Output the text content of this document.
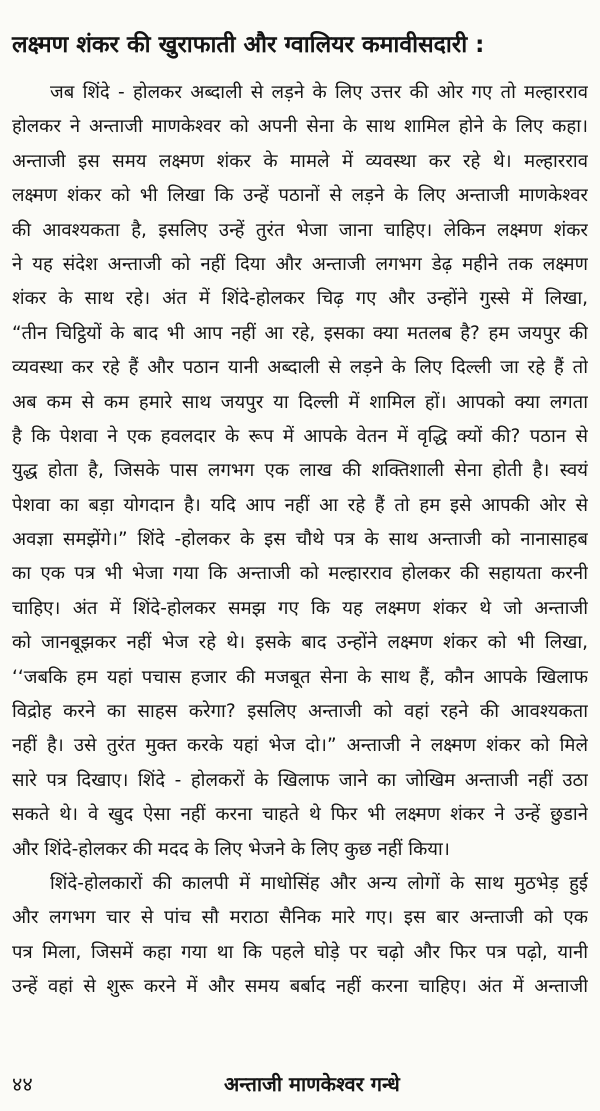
लक्ष्मण शंकर की खुराफाती और ग्वालियर कमावीसदारी :

जब शिंदे - होलकर अब्दाली से लड़ने के लिए उत्तर की ओर गए तो मल्हारराव
होलकर ने अन्ताजी माणकेश्वर को अपनी सेना के साथ शामिल होने के लिए कहा।
अन्ताजी इस समय लक्ष्मण शंकर के मामले में व्यवस्था कर रहे थे। मल्हारराव
लक्ष्मण शंकर को भी लिखा कि उन्हें पठानों से लड़ने के लिए अन्ताजी माणकेश्वर
की आवश्यकता है, इसलिए उन्हें तुरंत भेजा जाना चाहिए। लेकिन लक्ष्मण शंकर
ने यह संदेश अन्ताजी को नहीं दिया और अन्ताजी लगभग डेढ़ महीने तक लक्ष्मण
शंकर के साथ रहे। अंत में शिंदे-होलकर चिढ़ गए और उन्होंने गुस्से में लिखा,
“तीन चिट्ठियों के बाद भी आप नहीं आ रहे, इसका क्या मतलब है? हम जयपुर की
व्यवस्था कर रहे हैं और पठान यानी अब्दाली से लड़ने के लिए दिल्ली जा रहे हैं तो
अब कम से कम हमारे साथ जयपुर या दिल्ली में शामिल हों। आपको क्या लगता
है कि पेशवा ने एक हवलदार के रूप में आपके वेतन में वृद्धि क्यों की? पठान से
युद्ध होता है, जिसके पास लगभग एक लाख की शक्तिशाली सेना होती है। स्वयं
पेशवा का बड़ा योगदान है। यदि आप नहीं आ रहे हैं तो हम इसे आपकी ओर से
अवज्ञा समझेंगे।” शिंदे -होलकर के इस चौथे पत्र के साथ अन्ताजी को नानासाहब
का एक पत्र भी भेजा गया कि अन्ताजी को मल्हारराव होलकर की सहायता करनी
चाहिए। अंत में शिंदे-होलकर समझ गए कि यह लक्ष्मण शंकर थे जो अन्ताजी
को जानबूझकर नहीं भेज रहे थे। इसके बाद उन्होंने लक्ष्मण शंकर को भी लिखा,
‘‘जबकि हम यहां पचास हजार की मजबूत सेना के साथ हैं, कौन आपके खिलाफ
विद्रोह करने का साहस करेगा? इसलिए अन्ताजी को वहां रहने की आवश्यकता
नहीं है। उसे तुरंत मुक्त करके यहां भेज दो।” अन्ताजी ने लक्ष्मण शंकर को मिले
सारे पत्र दिखाए। शिंदे - होलकरों के खिलाफ जाने का जोखिम अन्ताजी नहीं उठा
सकते थे। वे खुद ऐसा नहीं करना चाहते थे फिर भी लक्ष्मण शंकर ने उन्हें छुडाने
और शिंदे-होलकर की मदद के लिए भेजने के लिए कुछ नहीं किया।

शिंदे-होलकारों की कालपी में माधोसिंह और अन्य लोगों के साथ मुठभेड़ हुई
और लगभग चार से पांच सौ मराठा सैनिक मारे गए। इस बार अन्ताजी को एक
पत्र मिला, जिसमें कहा गया था कि पहले घोड़े पर चढ़ो और फिर पत्र पढ़ो, यानी
उन्हें वहां से शुरू करने में और समय बर्बाद नहीं करना चाहिए। अंत में अन्ताजी

४४	अन्ताजी माणकेश्वर गन्धे
